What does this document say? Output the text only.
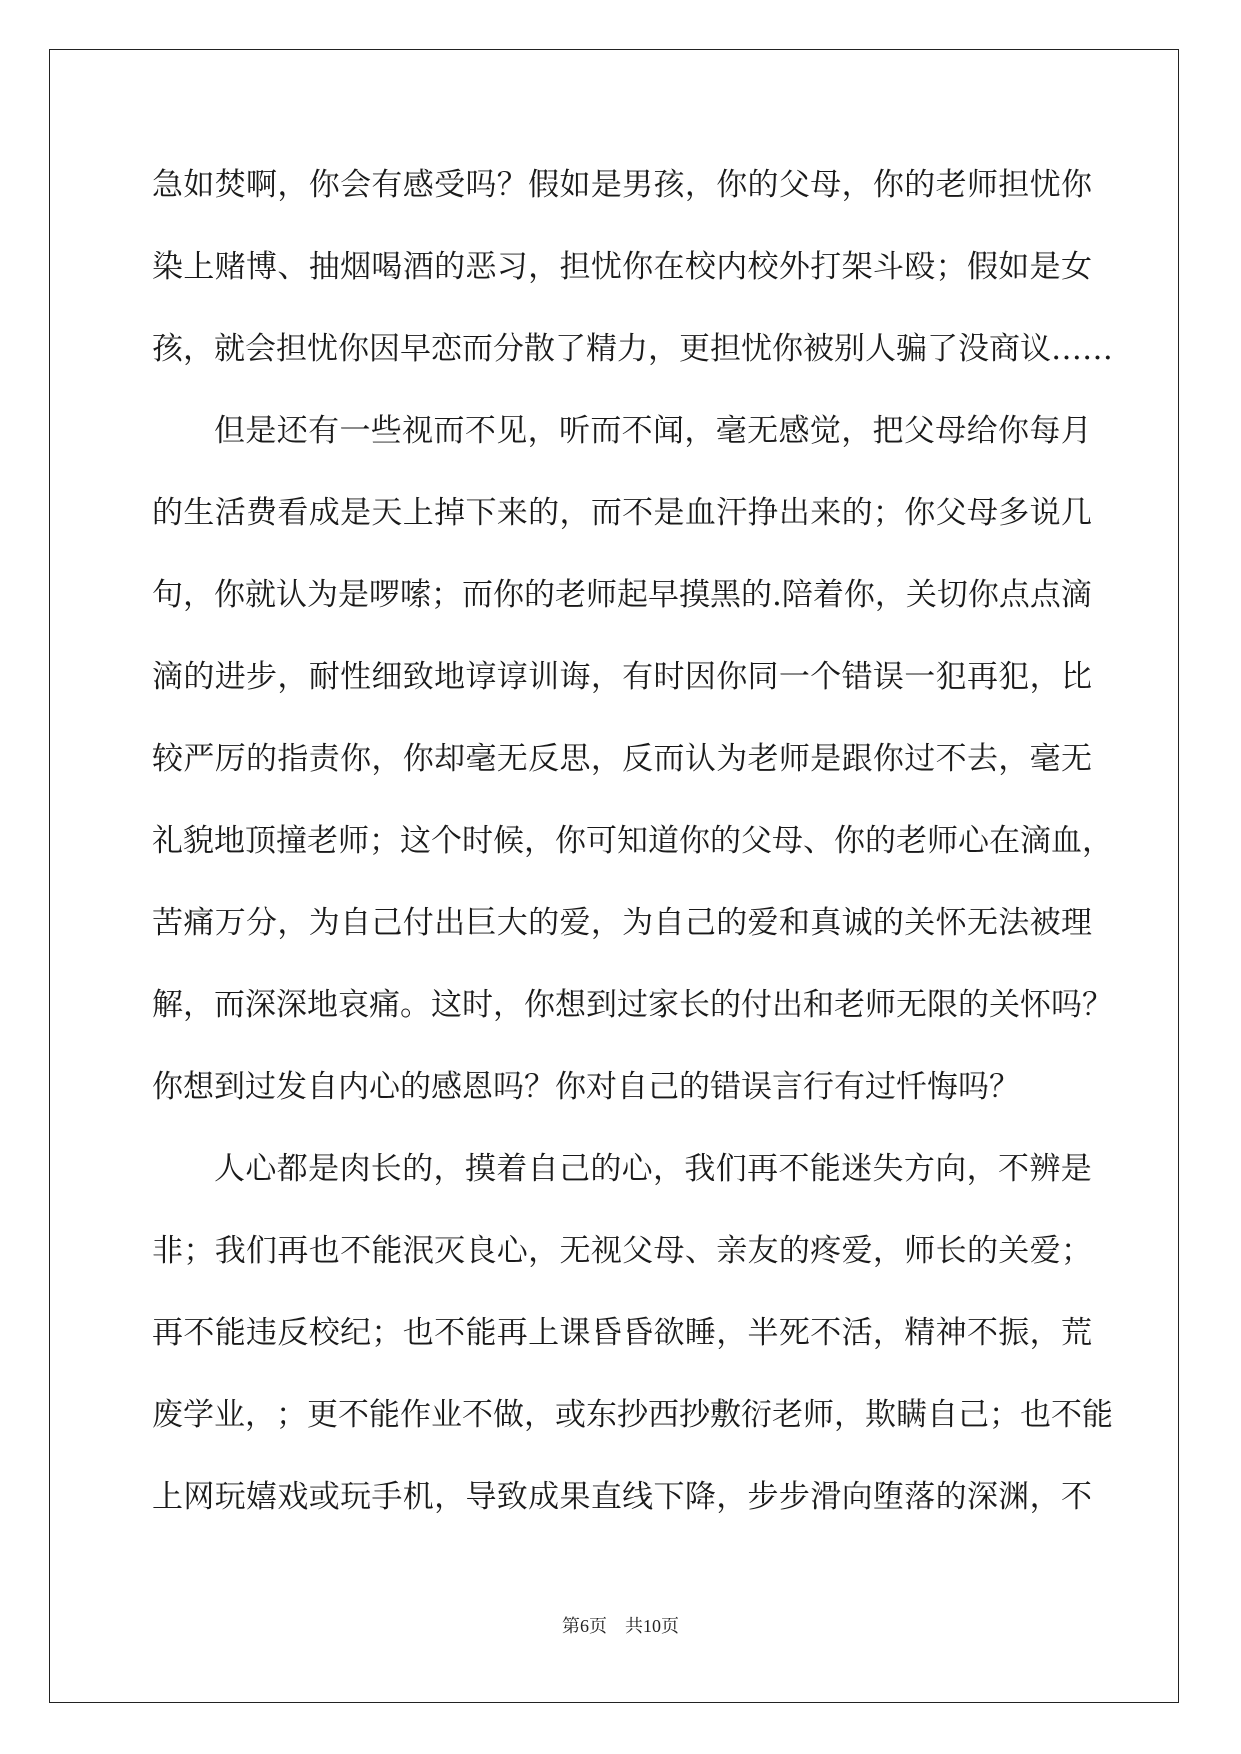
急 如 焚 啊 ， 你 会 有 感 受 吗 ？ 假 如 是 男 孩 ， 你 的 父 母 ， 你 的 老 师 担 忧 你
染 上 赌 博 、 抽 烟 喝 酒 的 恶 习 ， 担 忧 你 在 校 内 校 外 打 架 斗 殴 ； 假 如 是 女
孩，就会担忧你因早恋而分散了精力，更担忧你被别人骗了没商议……
但 是 还 有 一 些 视 而 不 见 ， 听 而 不 闻 ， 毫 无 感 觉 ， 把 父 母 给 你 每 月
的 生 活 费 看 成 是 天 上 掉 下 来 的 ， 而 不 是 血 汗 挣 出 来 的 ； 你 父 母 多 说 几
句 ， 你 就 认 为 是 啰 嗦 ； 而 你 的 老 师 起 早 摸 黑 的 . 陪 着 你 ， 关 切 你 点 点 滴
滴 的 进 步 ， 耐 性 细 致 地 谆 谆 训 诲 ， 有 时 因 你 同 一 个 错 误 一 犯 再 犯 ， 比
较 严 厉 的 指 责 你 ， 你 却 毫 无 反 思 ， 反 而 认 为 老 师 是 跟 你 过 不 去 ， 毫 无
礼 貌 地 顶 撞 老 师 ； 这 个 时 候 ， 你 可 知 道 你 的 父 母 、 你 的 老 师 心 在 滴 血 ，
苦 痛 万 分 ， 为 自 己 付 出 巨 大 的 爱 ， 为 自 己 的 爱 和 真 诚 的 关 怀 无 法 被 理
解 ， 而 深 深 地 哀 痛 。 这 时 ， 你 想 到 过 家 长 的 付 出 和 老 师 无 限 的 关 怀 吗 ？
你想到过发自内心的感恩吗？你对自己的错误言行有过忏悔吗？
人 心 都 是 肉 长 的 ， 摸 着 自 己 的 心 ， 我 们 再 不 能 迷 失 方 向 ， 不 辨 是
非 ； 我 们 再 也 不 能 泯 灭 良 心 ， 无 视 父 母 、 亲 友 的 疼 爱 ， 师 长 的 关 爱 ；
再 不 能 违 反 校 纪 ； 也 不 能 再 上 课 昏 昏 欲 睡 ， 半 死 不 活 ， 精 神 不 振 ， 荒
废 学 业 ， ； 更 不 能 作 业 不 做 ， 或 东 抄 西 抄 敷 衍 老 师 ， 欺 瞒 自 己 ； 也 不 能
上 网 玩 嬉 戏 或 玩 手 机 ， 导 致 成 果 直 线 下 降 ， 步 步 滑 向 堕 落 的 深 渊 ， 不
第6页 共10页
